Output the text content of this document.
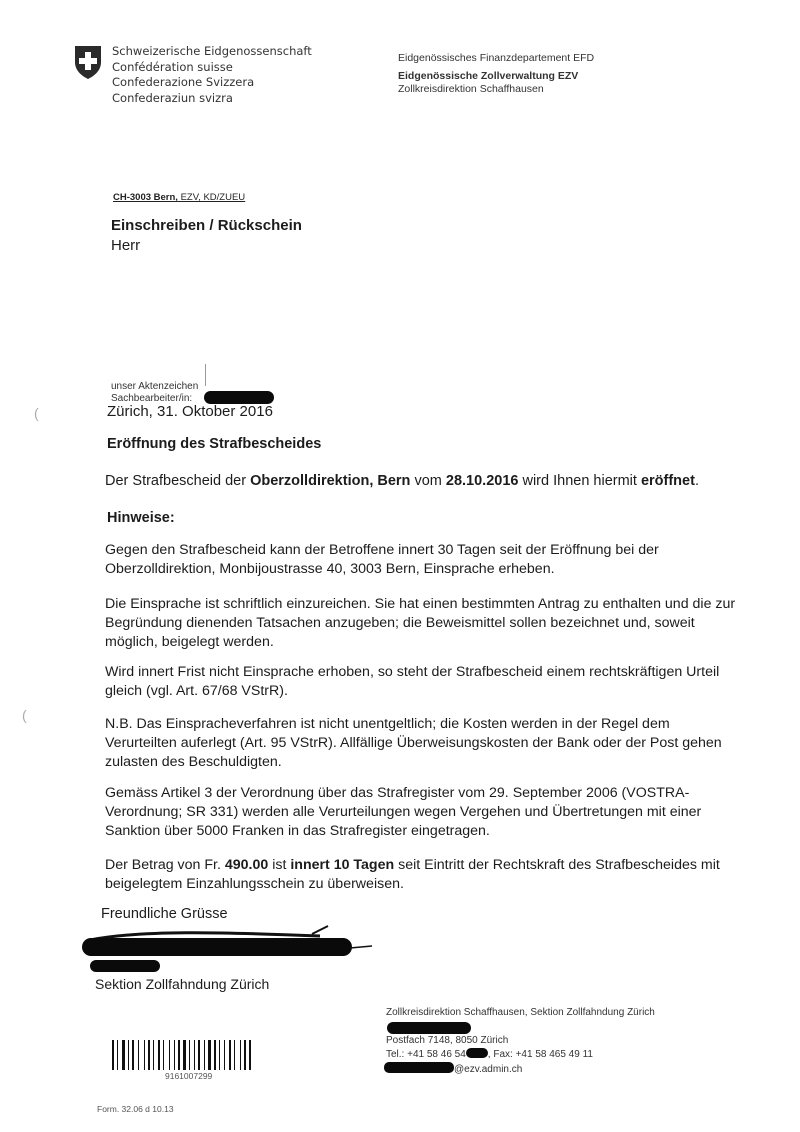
Schweizerische Eidgenossenschaft
Confédération suisse
Confederazione Svizzera
Confederaziun svizra
Eidgenössisches Finanzdepartement EFD
Eidgenössische Zollverwaltung EZV
Zollkreisdirektion Schaffhausen
CH-3003 Bern, EZV, KD/ZUEU
Einschreiben / Rückschein
Herr
unser Aktenzeichen
Sachbearbeiter/in:
Zürich, 31. Oktober 2016
(
(
Eröffnung des Strafbescheides
Der Strafbescheid der Oberzolldirektion, Bern vom 28.10.2016 wird Ihnen hiermit eröffnet.
Hinweise:
Gegen den Strafbescheid kann der Betroffene innert 30 Tagen seit der Eröffnung bei der Oberzolldirektion, Monbijoustrasse 40, 3003 Bern, Einsprache erheben.
Die Einsprache ist schriftlich einzureichen. Sie hat einen bestimmten Antrag zu enthalten und die zur Begründung dienenden Tatsachen anzugeben; die Beweismittel sollen bezeichnet und, soweit möglich, beigelegt werden.
Wird innert Frist nicht Einsprache erhoben, so steht der Strafbescheid einem rechtskräftigen Urteil gleich (vgl. Art. 67/68 VStrR).
N.B. Das Einspracheverfahren ist nicht unentgeltlich; die Kosten werden in der Regel dem Verurteilten auferlegt (Art. 95 VStrR). Allfällige Überweisungskosten der Bank oder der Post gehen zulasten des Beschuldigten.
Gemäss Artikel 3 der Verordnung über das Strafregister vom 29. September 2006 (VOSTRA-Verordnung; SR 331) werden alle Verurteilungen wegen Vergehen und Übertretungen mit einer Sanktion über 5000 Franken in das Strafregister eingetragen.
Der Betrag von Fr. 490.00 ist innert 10 Tagen seit Eintritt der Rechtskraft des Strafbescheides mit beigelegtem Einzahlungsschein zu überweisen.
Freundliche Grüsse
Sektion Zollfahndung Zürich
Zollkreisdirektion Schaffhausen, Sektion Zollfahndung Zürich
Postfach 7148, 8050 Zürich
Tel.: +41 58 46 54 , Fax: +41 58 465 49 11
@ezv.admin.ch
9161007299
Form. 32.06 d 10.13
